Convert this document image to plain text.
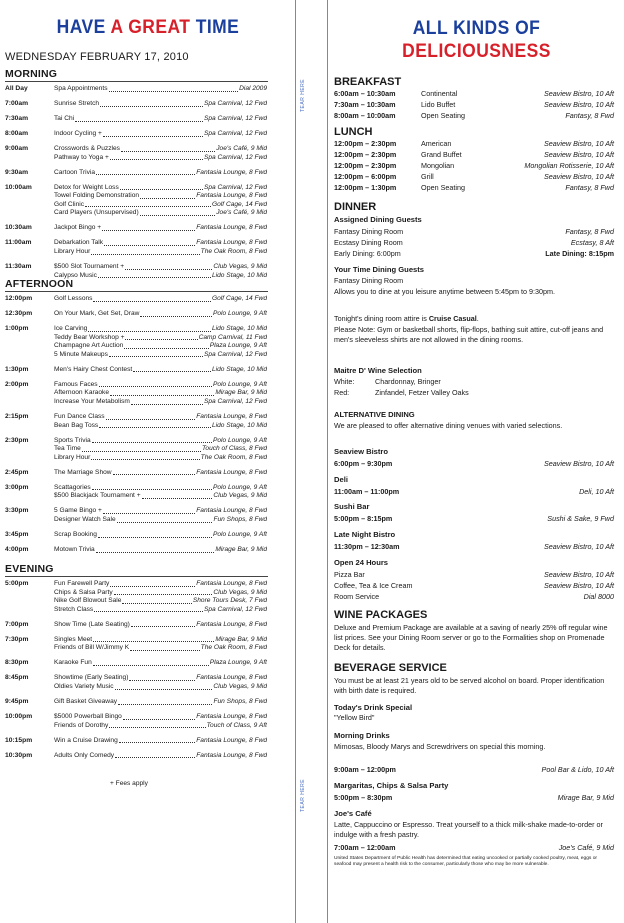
HAVE A GREAT TIME
WEDNESDAY FEBRUARY 17, 2010
MORNING
All Day	Spa Appointments	Dial 2009
7:00am	Sunrise Stretch	Spa Carnival, 12 Fwd
7:30am	Tai Chi	Spa Carnival, 12 Fwd
8:00am	Indoor Cycling +	Spa Carnival, 12 Fwd
9:00am	Crosswords & Puzzles	Joe's Café, 9 Mid
Pathway to Yoga +	Spa Carnival, 12 Fwd
9:30am	Cartoon Trivia	Fantasia Lounge, 8 Fwd
10:00am	Detox for Weight Loss	Spa Carnival, 12 Fwd
Towel Folding Demonstration	Fantasia Lounge, 8 Fwd
Golf Clinic	Golf Cage, 14 Fwd
Card Players (Unsupervised)	Joe's Café, 9 Mid
10:30am	Jackpot Bingo +	Fantasia Lounge, 8 Fwd
11:00am	Debarkation Talk	Fantasia Lounge, 8 Fwd
Library Hour	The Oak Room, 8 Fwd
11:30am	$500 Slot Tournament +	Club Vegas, 9 Mid
Calypso Music	Lido Stage, 10 Mid
AFTERNOON
12:00pm	Golf Lessons	Golf Cage, 14 Fwd
12:30pm	On Your Mark, Get Set, Draw	Polo Lounge, 9 Aft
1:00pm	Ice Carving	Lido Stage, 10 Mid
Teddy Bear Workshop +	Camp Carnival, 11 Fwd
Champagne Art Auction	Plaza Lounge, 9 Aft
5 Minute Makeups	Spa Carnival, 12 Fwd
1:30pm	Men's Hairy Chest Contest	Lido Stage, 10 Mid
2:00pm	Famous Faces	Polo Lounge, 9 Aft
Afternoon Karaoke	Mirage Bar, 9 Mid
Increase Your Metabolism	Spa Carnival, 12 Fwd
2:15pm	Fun Dance Class	Fantasia Lounge, 8 Fwd
Bean Bag Toss	Lido Stage, 10 Mid
2:30pm	Sports Trivia	Polo Lounge, 9 Aft
Tea Time	Touch of Class, 8 Fwd
Library Hour	The Oak Room, 8 Fwd
2:45pm	The Marriage Show	Fantasia Lounge, 8 Fwd
3:00pm	Scattagories	Polo Lounge, 9 Aft
$500 Blackjack Tournament +	Club Vegas, 9 Mid
3:30pm	5 Game Bingo +	Fantasia Lounge, 8 Fwd
Designer Watch Sale	Fun Shops, 8 Fwd
3:45pm	Scrap Booking	Polo Lounge, 9 Aft
4:00pm	Motown Trivia	Mirage Bar, 9 Mid
EVENING
5:00pm	Fun Farewell Party	Fantasia Lounge, 8 Fwd
Chips & Salsa Party	Club Vegas, 9 Mid
Nike Golf Blowout Sale	Shore Tours Desk, 7 Fwd
Stretch Class	Spa Carnival, 12 Fwd
7:00pm	Show Time (Late Seating)	Fantasia Lounge, 8 Fwd
7:30pm	Singles Meet	Mirage Bar, 9 Mid
Friends of Bill W/Jimmy K	The Oak Room, 8 Fwd
8:30pm	Karaoke Fun	Plaza Lounge, 9 Aft
8:45pm	Showtime (Early Seating)	Fantasia Lounge, 8 Fwd
Oldies Variety Music	Club Vegas, 9 Mid
9:45pm	Gift Basket Giveaway	Fun Shops, 8 Fwd
10:00pm	$5000 Powerball Bingo	Fantasia Lounge, 8 Fwd
Friends of Dorothy	Touch of Class, 9 Aft
10:15pm	Win a Cruise Drawing	Fantasia Lounge, 8 Fwd
10:30pm	Adults Only Comedy	Fantasia Lounge, 8 Fwd
+ Fees apply
TEAR HERE
TEAR HERE
ALL KINDS OF
DELICIOUSNESS
BREAKFAST
6:00am – 10:30am	Continental	Seaview Bistro, 10 Aft
7:30am – 10:30am	Lido Buffet	Seaview Bistro, 10 Aft
8:00am – 10:00am	Open Seating	Fantasy, 8 Fwd
LUNCH
12:00pm – 2:30pm	American	Seaview Bistro, 10 Aft
12:00pm – 2:30pm	Grand Buffet	Seaview Bistro, 10 Aft
12:00pm – 2:30pm	Mongolian	Mongolian Rotisserie, 10 Aft
12:00pm – 6:00pm	Grill	Seaview Bistro, 10 Aft
12:00pm – 1:30pm	Open Seating	Fantasy, 8 Fwd
DINNER
Assigned Dining Guests
Fantasy Dining Room	Fantasy, 8 Fwd
Ecstasy Dining Room	Ecstasy, 8 Aft
Early Dining: 6:00pm	Late Dining: 8:15pm
Your Time Dining Guests
Fantasy Dining Room
Allows you to dine at you leisure anytime between 5:45pm to 9:30pm.
Tonight's dining room attire is Cruise Casual.
Please Note: Gym or basketball shorts, flip-flops, bathing suit attire, cut-off jeans and men's sleeveless shirts are not allowed in the dining rooms.
Maitre D' Wine Selection
White:	Chardonnay, Bringer
Red:	Zinfandel, Fetzer Valley Oaks
ALTERNATIVE DINING
We are pleased to offer alternative dining venues with varied selections.
Seaview Bistro
6:00pm – 9:30pm	Seaview Bistro, 10 Aft
Deli
11:00am – 11:00pm	Deli, 10 Aft
Sushi Bar
5:00pm – 8:15pm	Sushi & Sake, 9 Fwd
Late Night Bistro
11:30pm – 12:30am	Seaview Bistro, 10 Aft
Open 24 Hours
Pizza Bar	Seaview Bistro, 10 Aft
Coffee, Tea & Ice Cream	Seaview Bistro, 10 Aft
Room Service	Dial 8000
WINE PACKAGES
Deluxe and Premium Package are available at a saving of nearly 25% off regular wine list prices. See your Dining Room server or go to the Formalities shop on Promenade Deck for details.
BEVERAGE SERVICE
You must be at least 21 years old to be served alcohol on board. Proper identification with birth date is required.
Today's Drink Special
"Yellow Bird"
Morning Drinks
Mimosas, Bloody Marys and Screwdrivers on special this morning.
9:00am – 12:00pm	Pool Bar & Lido, 10 Aft
Margaritas, Chips & Salsa Party
5:00pm – 8:30pm	Mirage Bar, 9 Mid
Joe's Café
Latte, Cappuccino or Espresso. Treat yourself to a thick milk-shake made-to-order or indulge with a fresh pastry.
7:00am – 12:00am	Joe's Café, 9 Mid
United States Department of Public Health has determined that eating uncooked or partially cooked poultry, meat, eggs or seafood may present a health risk to the consumer, particularly those who may be more vulnerable.
